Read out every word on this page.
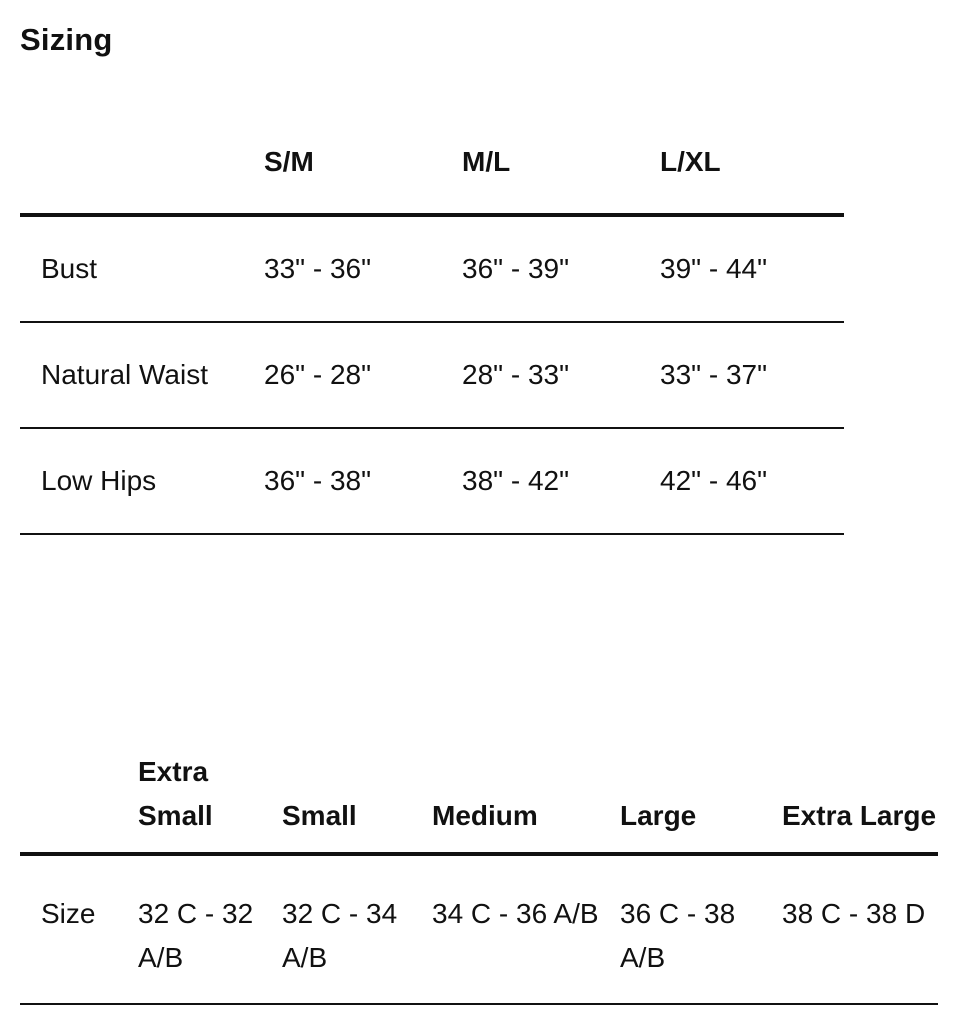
Sizing
	S/M	M/L	L/XL
Bust	33" - 36"	36" - 39"	39" - 44"
Natural Waist	26" - 28"	28" - 33"	33" - 37"
Low Hips	36" - 38"	38" - 42"	42" - 46"
	Extra Small	Small	Medium	Large	Extra Large
Size	32 C - 32 A/B	32 C - 34 A/B	34 C - 36 A/B	36 C - 38 A/B	38 C - 38 D
